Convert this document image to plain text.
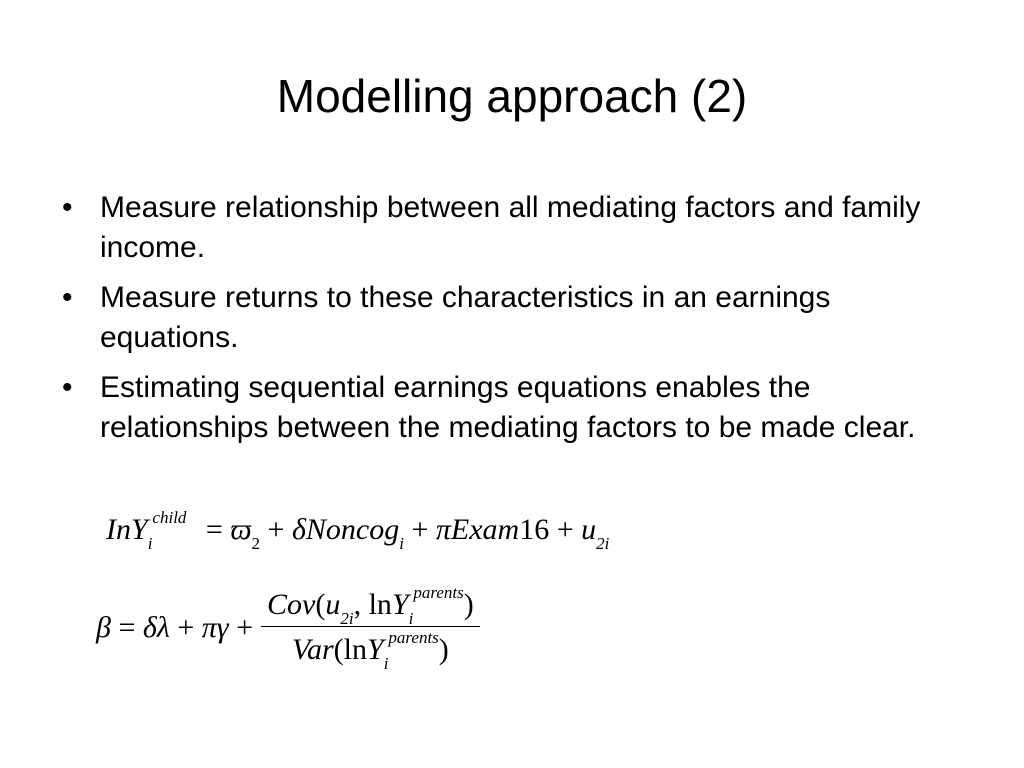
Modelling approach (2)
• Measure relationship between all mediating factors and family income.
• Measure returns to these characteristics in an earnings equations.
• Estimating sequential earnings equations enables the relationships between the mediating factors to be made clear.
$InY_i^{child} = ϖ_2$ + δNoncog$_i$ + πExam16 + $u_{2i}$
$\beta = \delta\lambda + \pi\gamma + \frac{Cov(u_{2i}, \ln Y_i^{parents})}{Var(\ln Y_i^{parents})}$
